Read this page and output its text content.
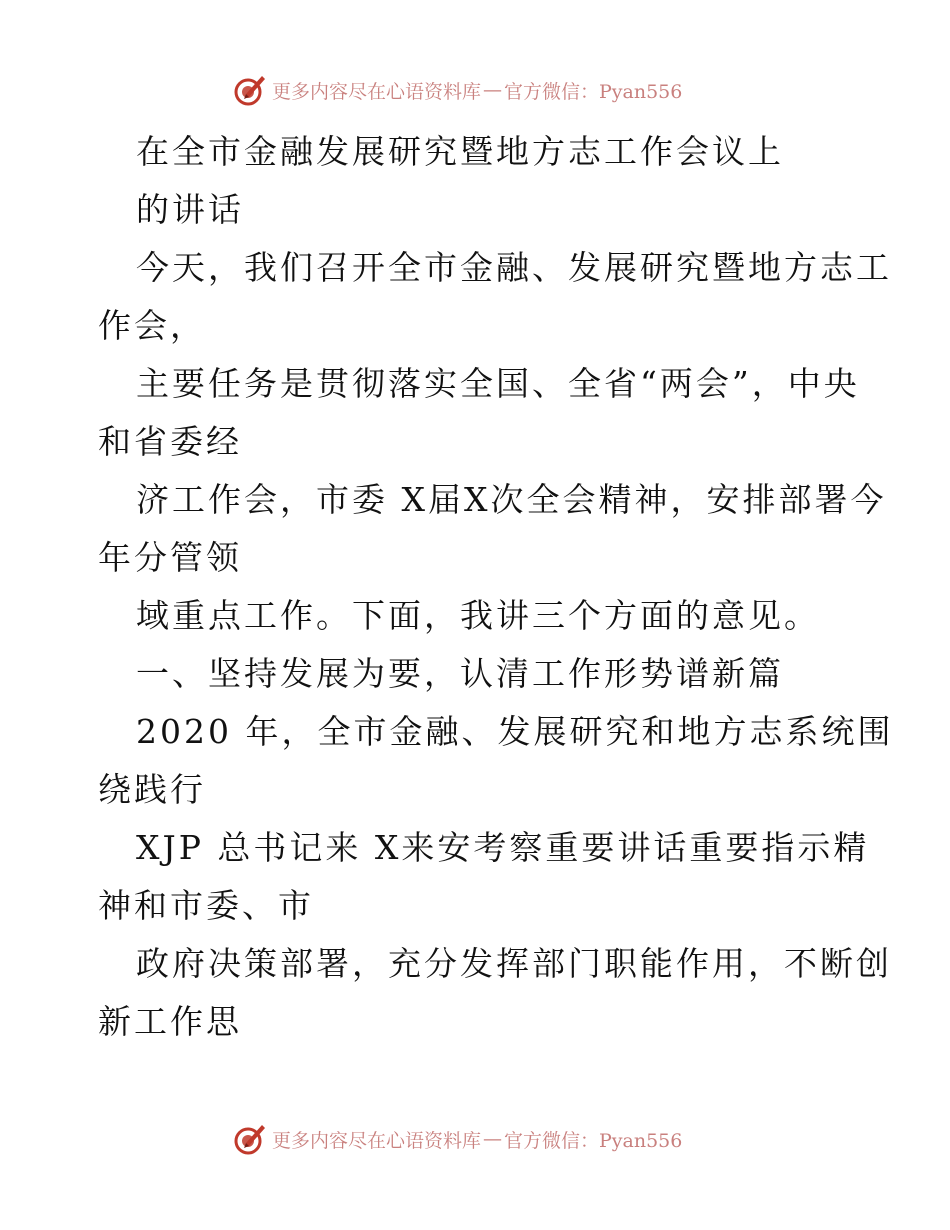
更多内容尽在心语资料库 — 官方微信：Pyan556
在全市金融发展研究暨地方志工作会议上
的讲话
今天，我们召开全市金融、发展研究暨地方志工
作会，
主要任务是贯彻落实全国、全省“两会”，中央
和省委经
济工作会，市委 X届X次全会精神，安排部署今
年分管领
域重点工作。下面，我讲三个方面的意见。
一、坚持发展为要，认清工作形势谱新篇
2020 年，全市金融、发展研究和地方志系统围
绕践行
XJP 总书记来 X来安考察重要讲话重要指示精
神和市委、市
政府决策部署，充分发挥部门职能作用，不断创
新工作思
更多内容尽在心语资料库 — 官方微信：Pyan556
